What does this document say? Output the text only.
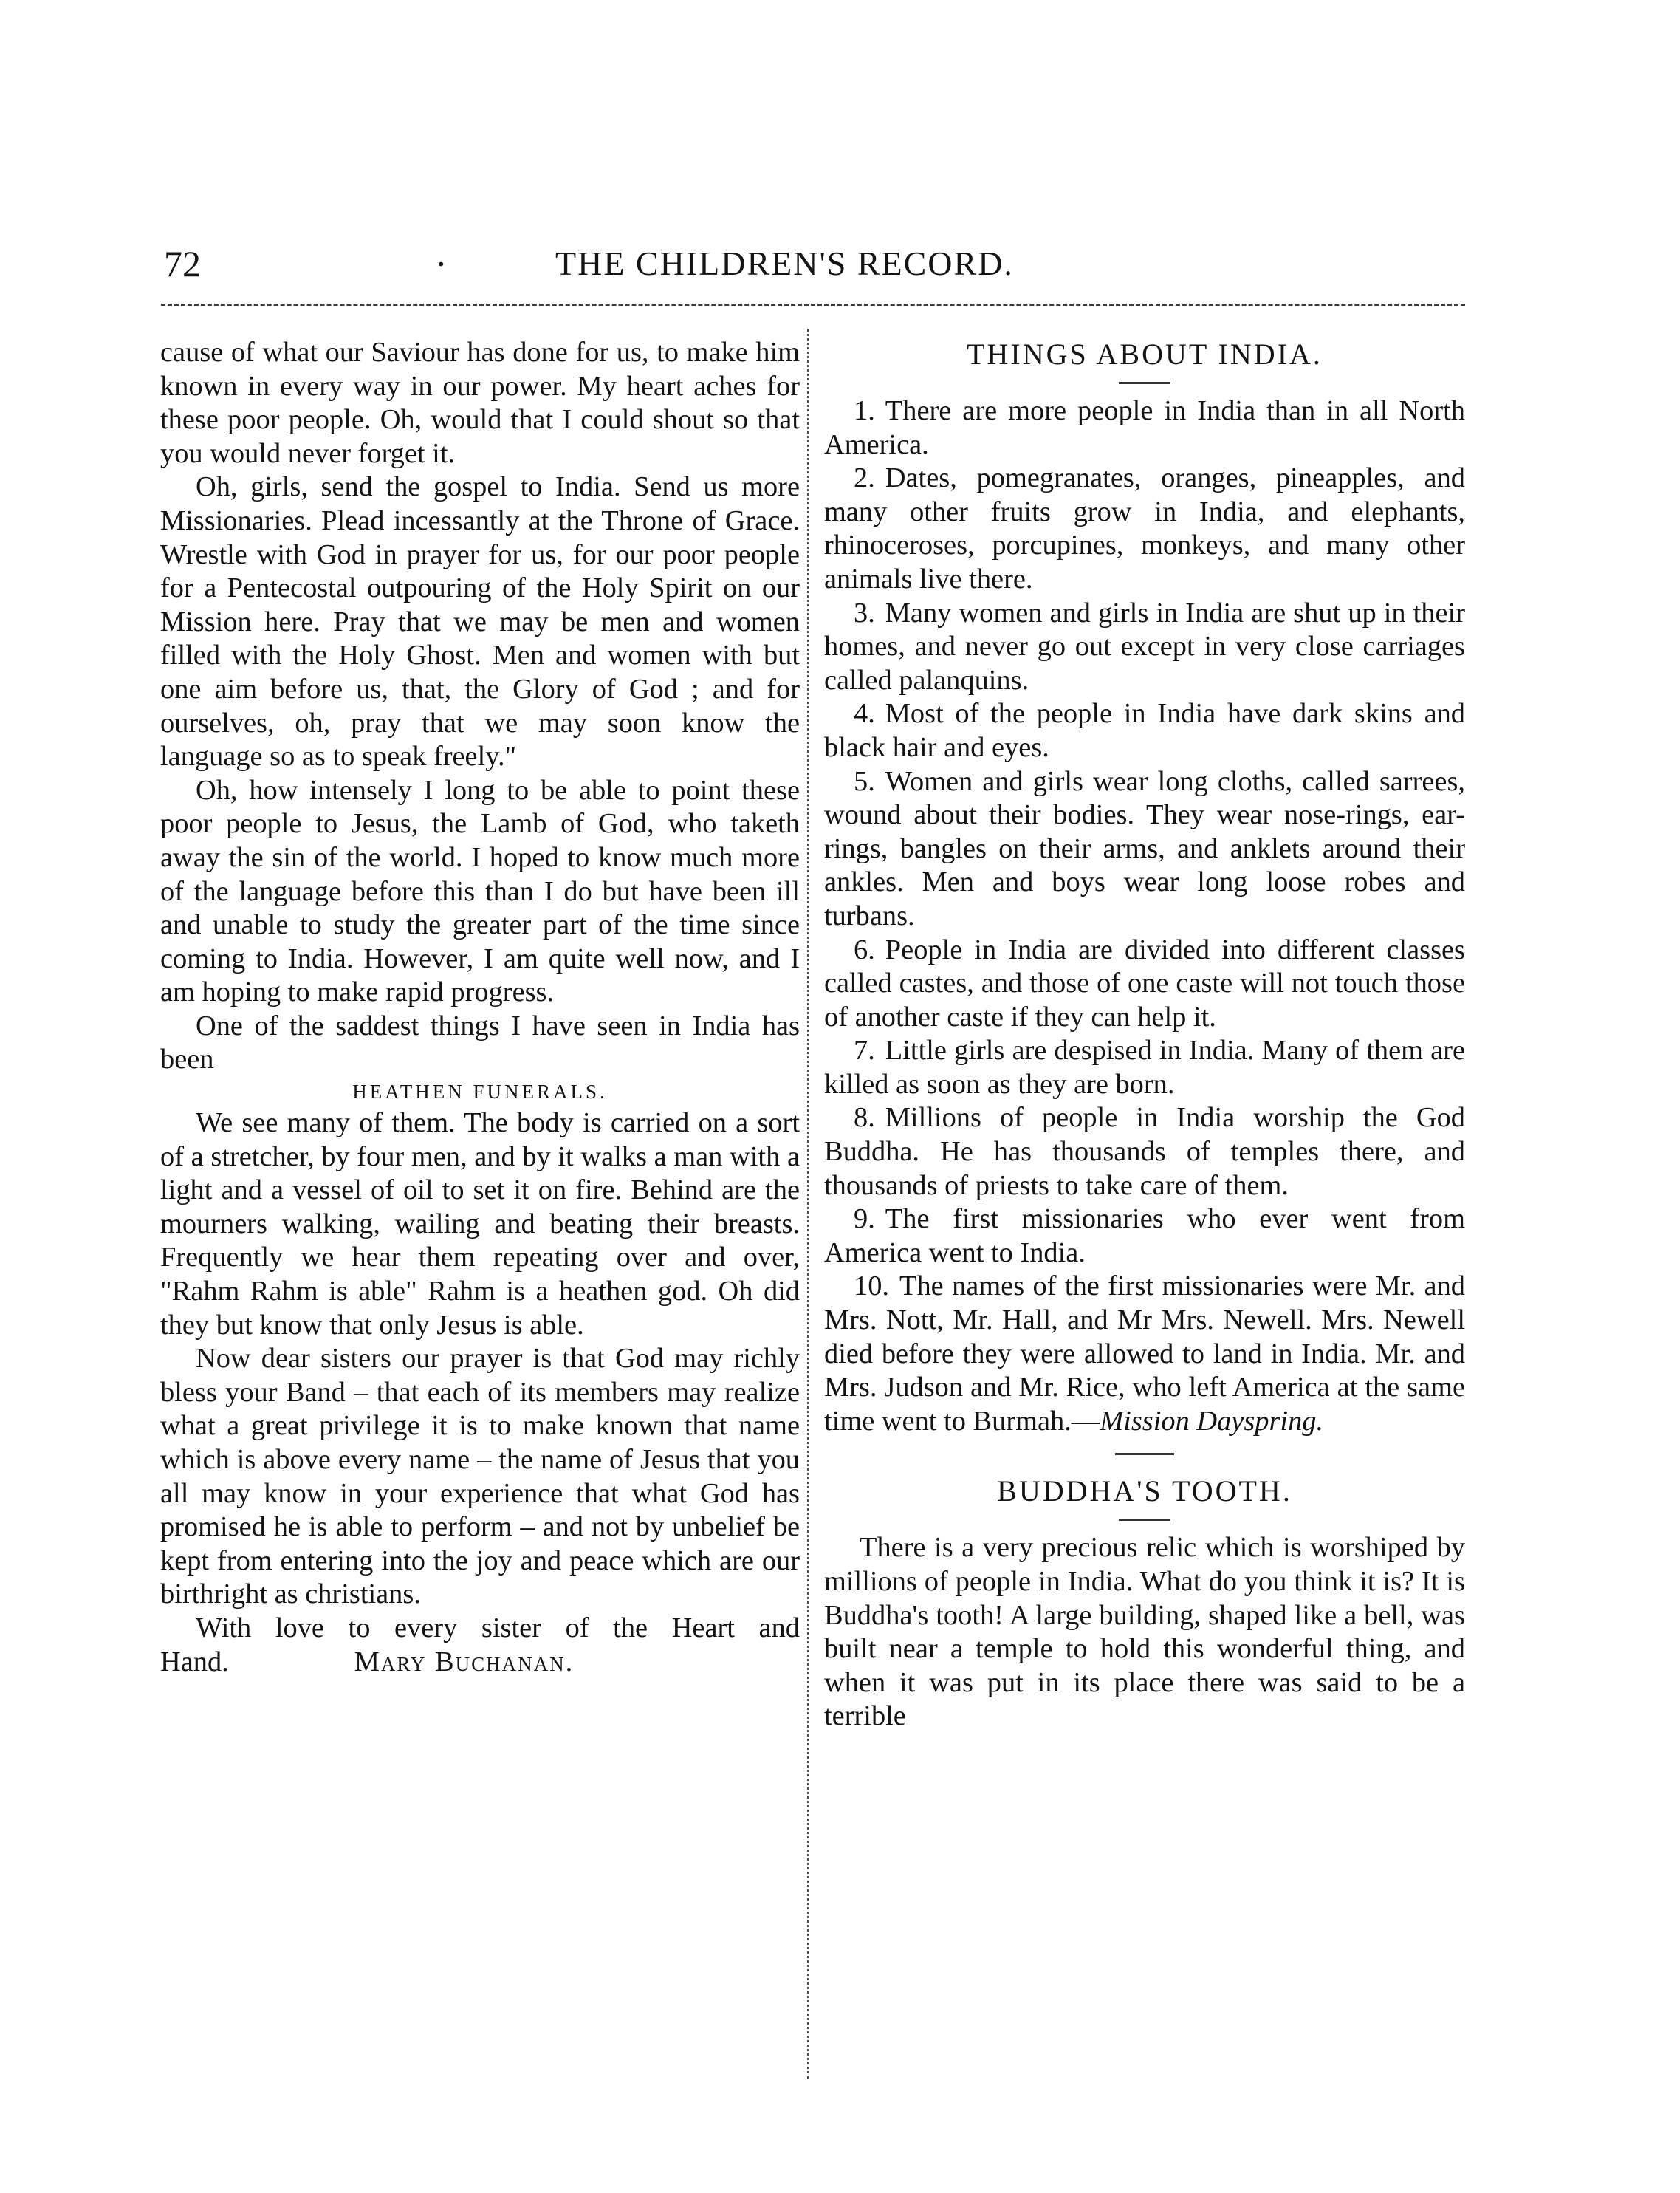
72	·	THE CHILDREN'S RECORD.

cause of what our Saviour has done for us, to make him known in every way in our power. My heart aches for these poor people. Oh, would that I could shout so that you would never forget it.

Oh, girls, send the gospel to India. Send us more Missionaries. Plead incessantly at the Throne of Grace. Wrestle with God in prayer for us, for our poor people for a Pentecostal outpouring of the Holy Spirit on our Mission here. Pray that we may be men and women filled with the Holy Ghost. Men and women with but one aim before us, that, the Glory of God ; and for ourselves, oh, pray that we may soon know the language so as to speak freely."

Oh, how intensely I long to be able to point these poor people to Jesus, the Lamb of God, who taketh away the sin of the world. I hoped to know much more of the language before this than I do but have been ill and unable to study the greater part of the time since coming to India. However, I am quite well now, and I am hoping to make rapid progress.

One of the saddest things I have seen in India has been

HEATHEN FUNERALS.

We see many of them. The body is carried on a sort of a stretcher, by four men, and by it walks a man with a light and a vessel of oil to set it on fire. Behind are the mourners walking, wailing and beating their breasts. Frequently we hear them repeating over and over, "Rahm Rahm is able" Rahm is a heathen god. Oh did they but know that only Jesus is able.

Now dear sisters our prayer is that God may richly bless your Band – that each of its members may realize what a great privilege it is to make known that name which is above every name – the name of Jesus that you all may know in your experience that what God has promised he is able to perform – and not by unbelief be kept from entering into the joy and peace which are our birthright as christians.

With love to every sister of the Heart and Hand.	Mary Buchanan.

THINGS ABOUT INDIA.

1. There are more people in India than in all North America.

2. Dates, pomegranates, oranges, pineapples, and many other fruits grow in India, and elephants, rhinoceroses, porcupines, monkeys, and many other animals live there.

3. Many women and girls in India are shut up in their homes, and never go out except in very close carriages called palanquins.

4. Most of the people in India have dark skins and black hair and eyes.

5. Women and girls wear long cloths, called sarrees, wound about their bodies. They wear nose-rings, ear-rings, bangles on their arms, and anklets around their ankles. Men and boys wear long loose robes and turbans.

6. People in India are divided into different classes called castes, and those of one caste will not touch those of another caste if they can help it.

7. Little girls are despised in India. Many of them are killed as soon as they are born.

8. Millions of people in India worship the God Buddha. He has thousands of temples there, and thousands of priests to take care of them.

9. The first missionaries who ever went from America went to India.

10. The names of the first missionaries were Mr. and Mrs. Nott, Mr. Hall, and Mr Mrs. Newell. Mrs. Newell died before they were allowed to land in India. Mr. and Mrs. Judson and Mr. Rice, who left America at the same time went to Burmah.—Mission Dayspring.

BUDDHA'S TOOTH.

There is a very precious relic which is worshiped by millions of people in India. What do you think it is? It is Buddha's tooth! A large building, shaped like a bell, was built near a temple to hold this wonderful thing, and when it was put in its place there was said to be a terrible
